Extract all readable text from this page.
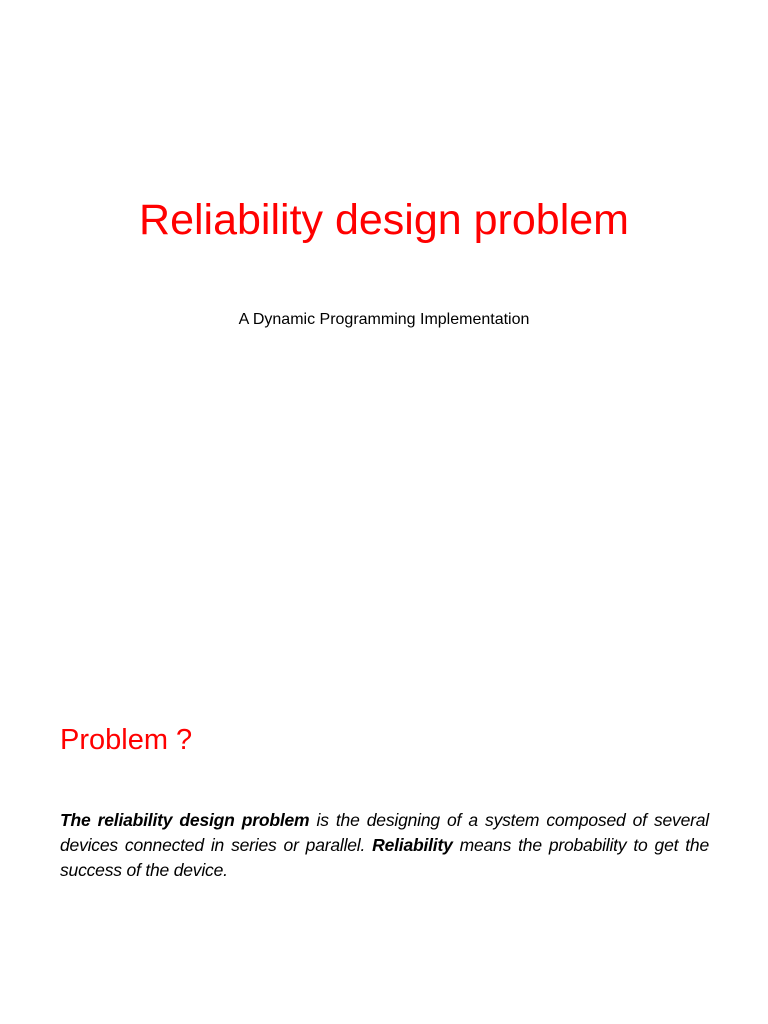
Reliability design problem
A Dynamic Programming Implementation
Problem ?

The reliability design problem is the designing of a system composed of several devices connected in series or parallel. Reliability means the probability to get the success of the device.
